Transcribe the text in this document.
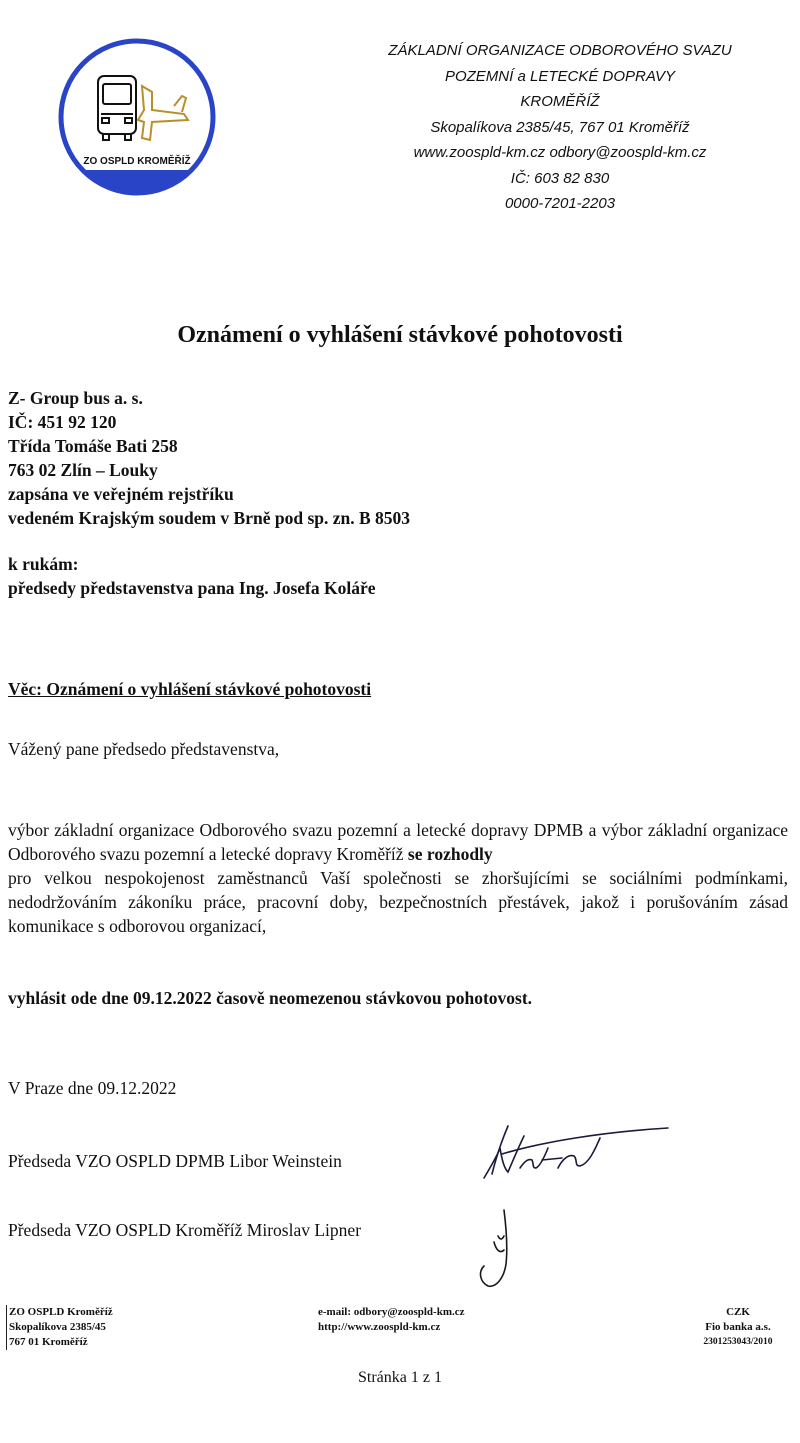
ZO OSPLD KROMĚŘÍŽ
ZÁKLADNÍ ORGANIZACE ODBOROVÉHO SVAZU
POZEMNÍ a LETECKÉ DOPRAVY
KROMĚŘÍŽ
Skopalíkova 2385/45, 767 01 Kroměříž
www.zoospld-km.cz odbory@zoospld-km.cz
IČ: 603 82 830
0000-7201-2203
Oznámení o vyhlášení stávkové pohotovosti
Z- Group bus a. s.
IČ: 451 92 120
Třída Tomáše Bati 258
763 02 Zlín – Louky
zapsána ve veřejném rejstříku
vedeném Krajským soudem v Brně pod sp. zn. B 8503
k rukám:
předsedy představenstva pana Ing. Josefa Koláře
Věc: Oznámení o vyhlášení stávkové pohotovosti
Vážený pane předsedo představenstva,
výbor základní organizace Odborového svazu pozemní a letecké dopravy DPMB a výbor základní organizace Odborového svazu pozemní a letecké dopravy Kroměříž se rozhodly
pro velkou nespokojenost zaměstnanců Vaší společnosti se zhoršujícími se sociálními podmínkami, nedodržováním zákoníku práce, pracovní doby, bezpečnostních přestávek, jakož i porušováním zásad komunikace s odborovou organizací,
vyhlásit ode dne 09.12.2022 časově neomezenou stávkovou pohotovost.
V Praze dne 09.12.2022
Předseda VZO OSPLD DPMB Libor Weinstein
Předseda VZO OSPLD Kroměříž Miroslav Lipner
ZO OSPLD Kroměříž
Skopalíkova 2385/45
767 01 Kroměříž
e-mail: odbory@zoospld-km.cz
http://www.zoospld-km.cz
CZK
Fio banka a.s.
2301253043/2010
Stránka 1 z 1
